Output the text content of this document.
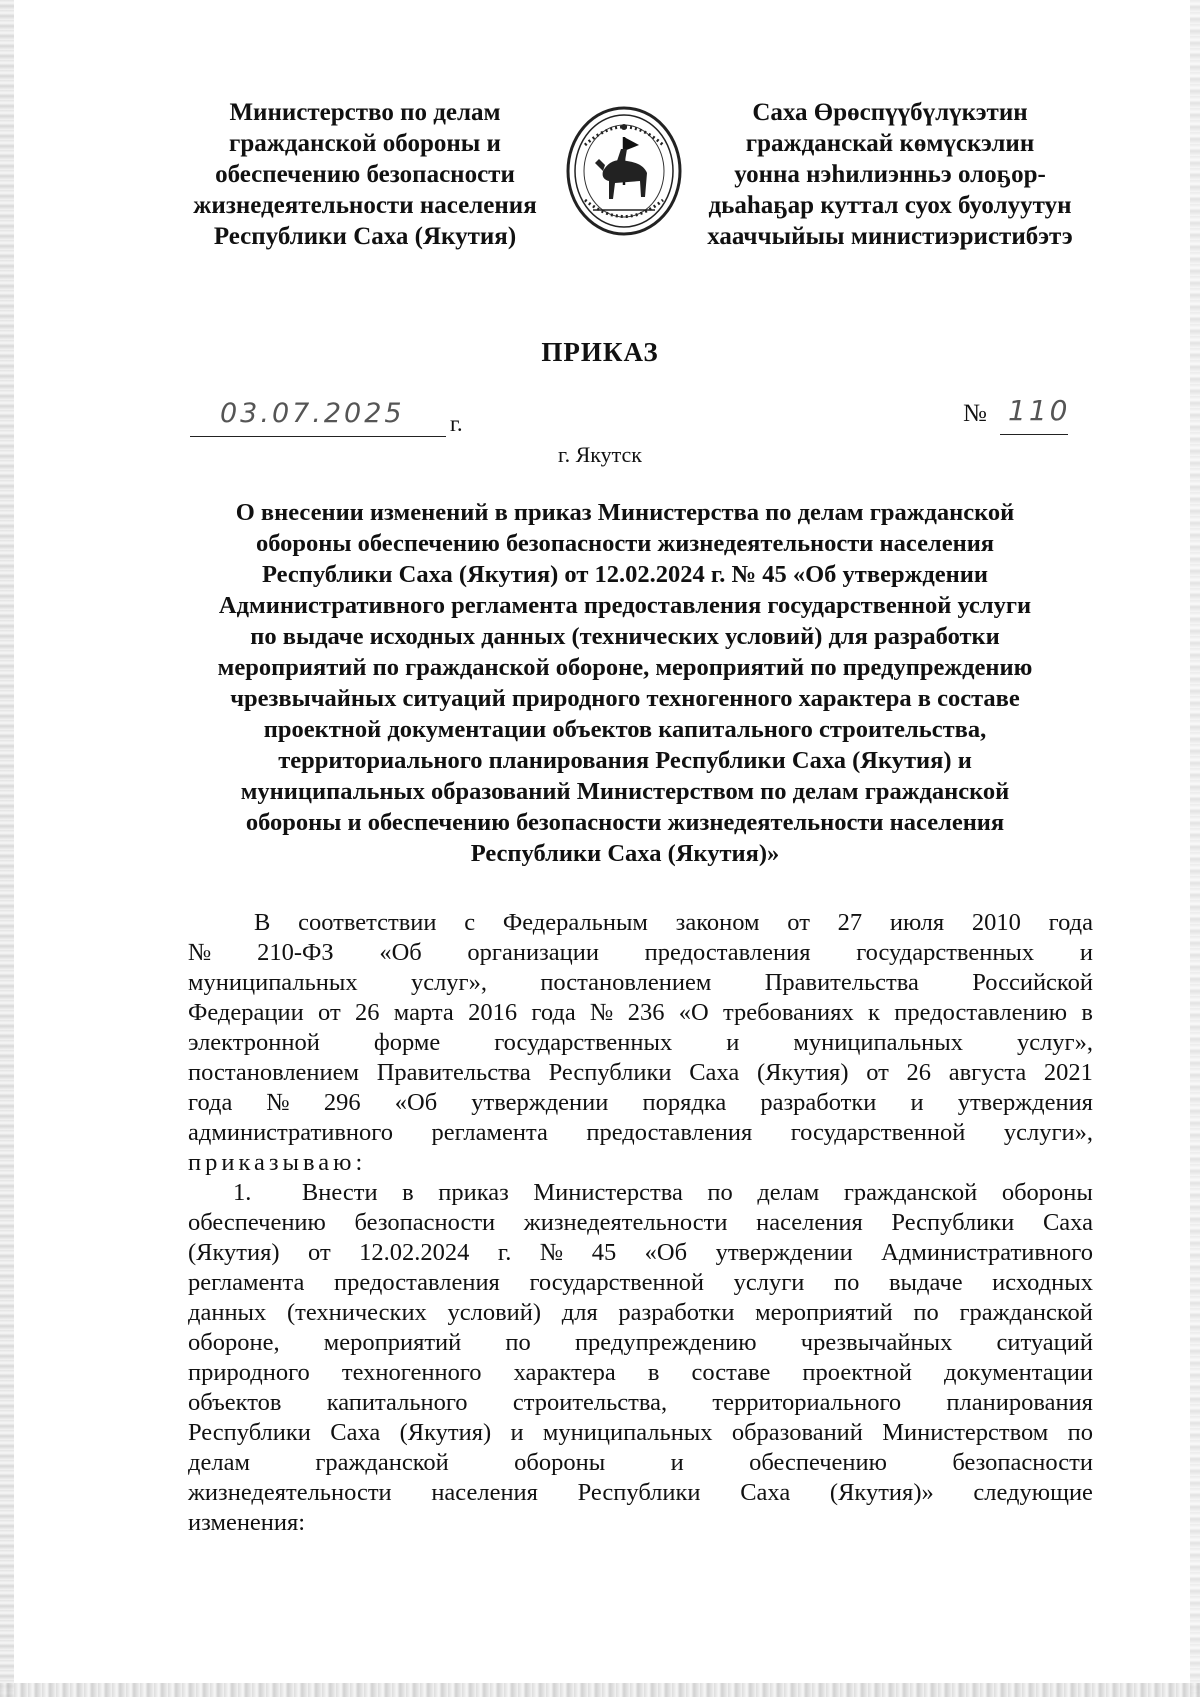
Министерство по делам
гражданской обороны и
обеспечению безопасности
жизнедеятельности населения
Республики Саха (Якутия)
Саха Өрөспүүбүлүкэтин
гражданскай көмүскэлин
уонна нэһилиэнньэ олоҕор-
дьаһаҕар куттал суох буолуутун
хааччыйыы министиэристибэтэ
ПРИКАЗ
03.07.2025 г.	№ 110
г. Якутск
О внесении изменений в приказ Министерства по делам гражданской
обороны обеспечению безопасности жизнедеятельности населения
Республики Саха (Якутия) от 12.02.2024 г. № 45 «Об утверждении
Административного регламента предоставления государственной услуги
по выдаче исходных данных (технических условий) для разработки
мероприятий по гражданской обороне, мероприятий по предупреждению
чрезвычайных ситуаций природного техногенного характера в составе
проектной документации объектов капитального строительства,
территориального планирования Республики Саха (Якутия) и
муниципальных образований Министерством по делам гражданской
обороны и обеспечению безопасности жизнедеятельности населения
Республики Саха (Якутия)»
В соответствии с Федеральным законом от 27 июля 2010 года
№ 210-ФЗ «Об организации предоставления государственных и
муниципальных услуг», постановлением Правительства Российской
Федерации от 26 марта 2016 года № 236 «О требованиях к предоставлению в
электронной форме государственных и муниципальных услуг»,
постановлением Правительства Республики Саха (Якутия) от 26 августа 2021
года № 296 «Об утверждении порядка разработки и утверждения
административного регламента предоставления государственной услуги»,
приказываю:
1. Внести в приказ Министерства по делам гражданской обороны
обеспечению безопасности жизнедеятельности населения Республики Саха
(Якутия) от 12.02.2024 г. № 45 «Об утверждении Административного
регламента предоставления государственной услуги по выдаче исходных
данных (технических условий) для разработки мероприятий по гражданской
обороне, мероприятий по предупреждению чрезвычайных ситуаций
природного техногенного характера в составе проектной документации
объектов капитального строительства, территориального планирования
Республики Саха (Якутия) и муниципальных образований Министерством по
делам	гражданской	обороны	и	обеспечению	безопасности
жизнедеятельности населения Республики Саха (Якутия)» следующие
изменения:
